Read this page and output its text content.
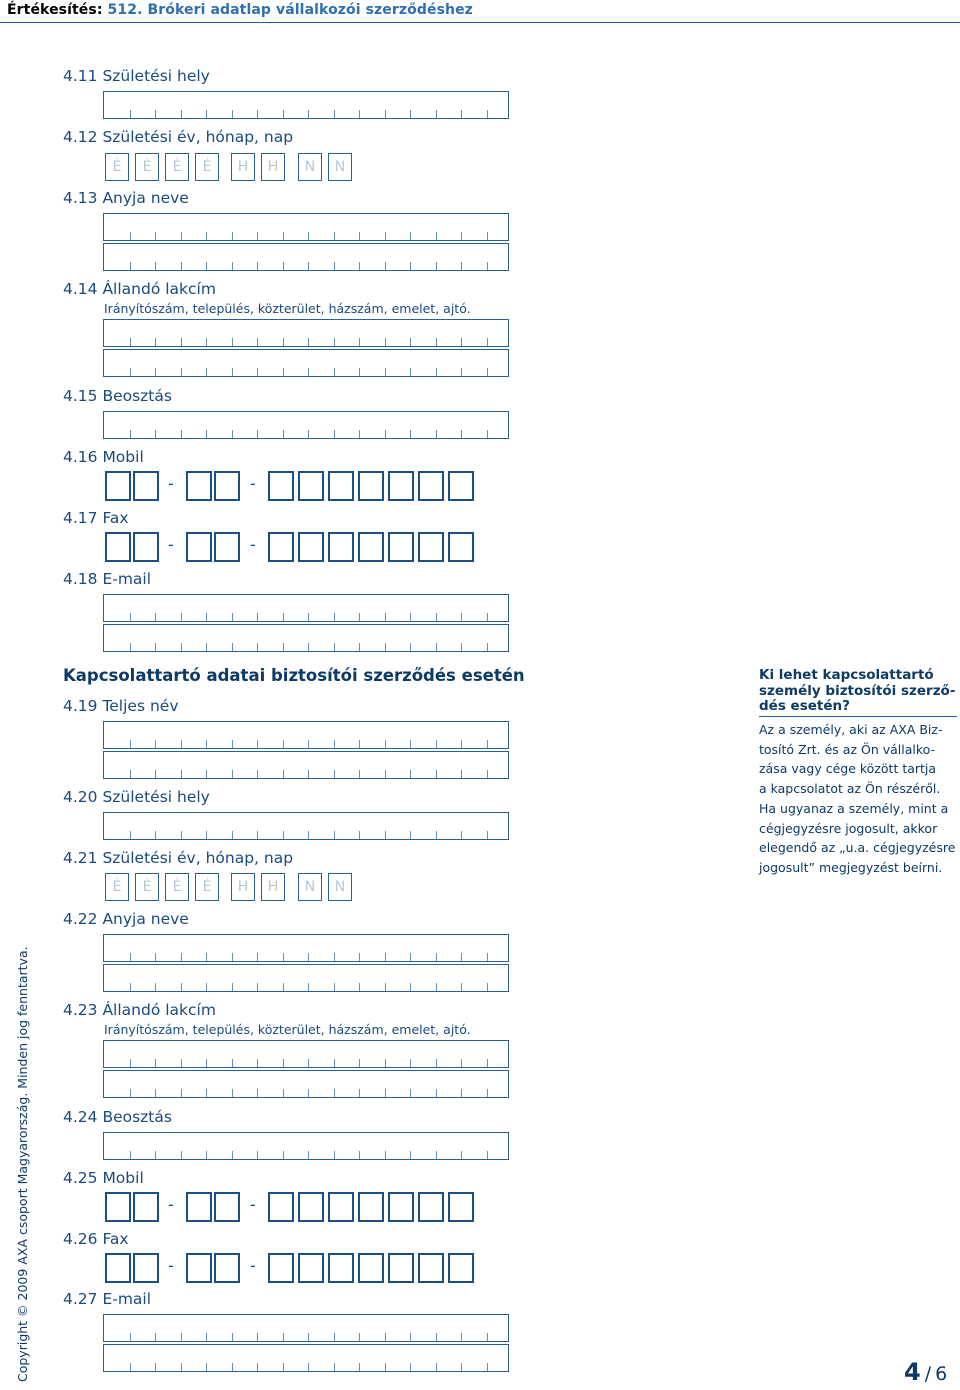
Értékesítés: 512. Brókeri adatlap vállalkozói szerződéshez
4.11 Születési hely
4.12 Születési év, hónap, nap
4.13 Anyja neve
4.14 Állandó lakcím
Irányítószám, település, közterület, házszám, emelet, ajtó.
4.15 Beosztás
4.16 Mobil
4.17 Fax
4.18 E-mail
Kapcsolattartó adatai biztosítói szerződés esetén
4.19 Teljes név
4.20 Születési hely
4.21 Születési év, hónap, nap
4.22 Anyja neve
4.23 Állandó lakcím
Irányítószám, település, közterület, házszám, emelet, ajtó.
4.24 Beosztás
4.25 Mobil
4.26 Fax
4.27 E-mail
Ki lehet kapcsolattartó
személy biztosítói szerző-
dés esetén?
Az a személy, aki az AXA Biz-
tosító Zrt. és az Ön vállalko-
zása vagy cége között tartja
a kapcsolatot az Ön részéről.
Ha ugyanaz a személy, mint a
cégjegyzésre jogosult, akkor
elegendő az „u.a. cégjegyzésre
jogosult” megjegyzést beírni.
Copyright © 2009 AXA csoport Magyarország. Minden jog fenntartva.	4 / 6
É	É	É	É	H	H	N	N
É	É	É	É	H	H	N	N
-	-
-	-
-	-
-	-
